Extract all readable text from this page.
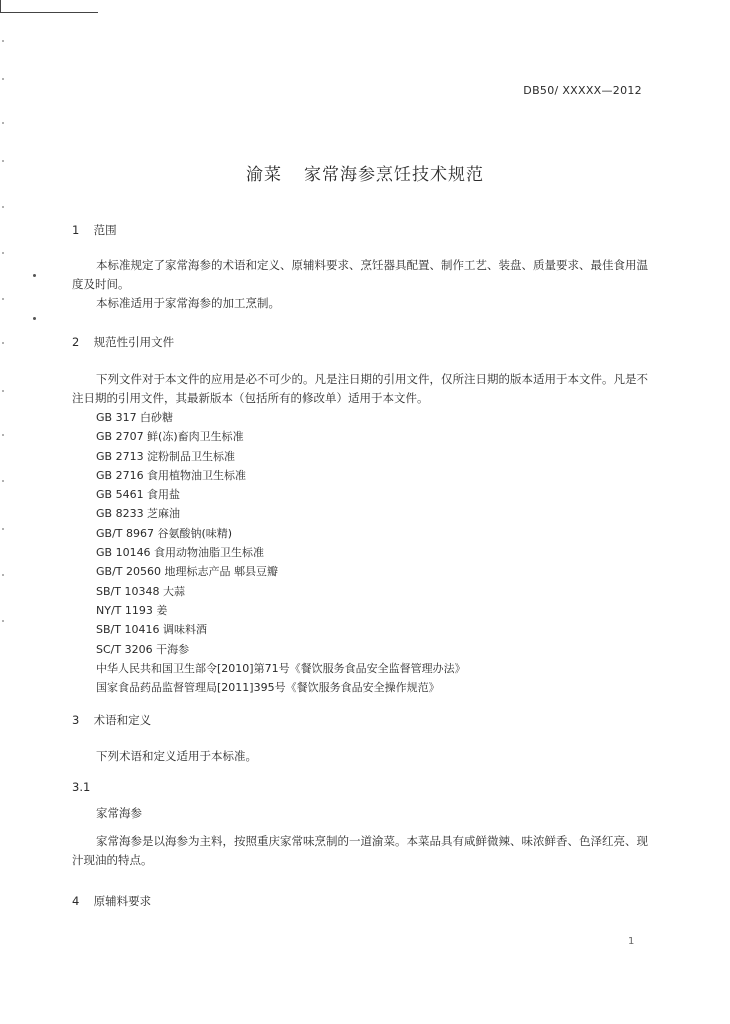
DB50/ XXXXX—2012
渝菜 家常海参烹饪技术规范
1 范围
本标准规定了家常海参的术语和定义、原辅料要求、烹饪器具配置、制作工艺、装盘、质量要求、最佳食用温度及时间。
本标准适用于家常海参的加工烹制。
2 规范性引用文件
下列文件对于本文件的应用是必不可少的。凡是注日期的引用文件，仅所注日期的版本适用于本文件。凡是不注日期的引用文件，其最新版本（包括所有的修改单）适用于本文件。
GB 317 白砂糖
GB 2707 鲜(冻)畜肉卫生标准
GB 2713 淀粉制品卫生标准
GB 2716 食用植物油卫生标准
GB 5461 食用盐
GB 8233 芝麻油
GB/T 8967 谷氨酸钠(味精)
GB 10146 食用动物油脂卫生标准
GB/T 20560 地理标志产品 郫县豆瓣
SB/T 10348 大蒜
NY/T 1193 姜
SB/T 10416 调味料酒
SC/T 3206 干海参
中华人民共和国卫生部令[2010]第71号《餐饮服务食品安全监督管理办法》
国家食品药品监督管理局[2011]395号《餐饮服务食品安全操作规范》
3 术语和定义
下列术语和定义适用于本标准。
3.1
家常海参
家常海参是以海参为主料，按照重庆家常味烹制的一道渝菜。本菜品具有咸鲜微辣、味浓鲜香、色泽红亮、现汁现油的特点。
4 原辅料要求
1
